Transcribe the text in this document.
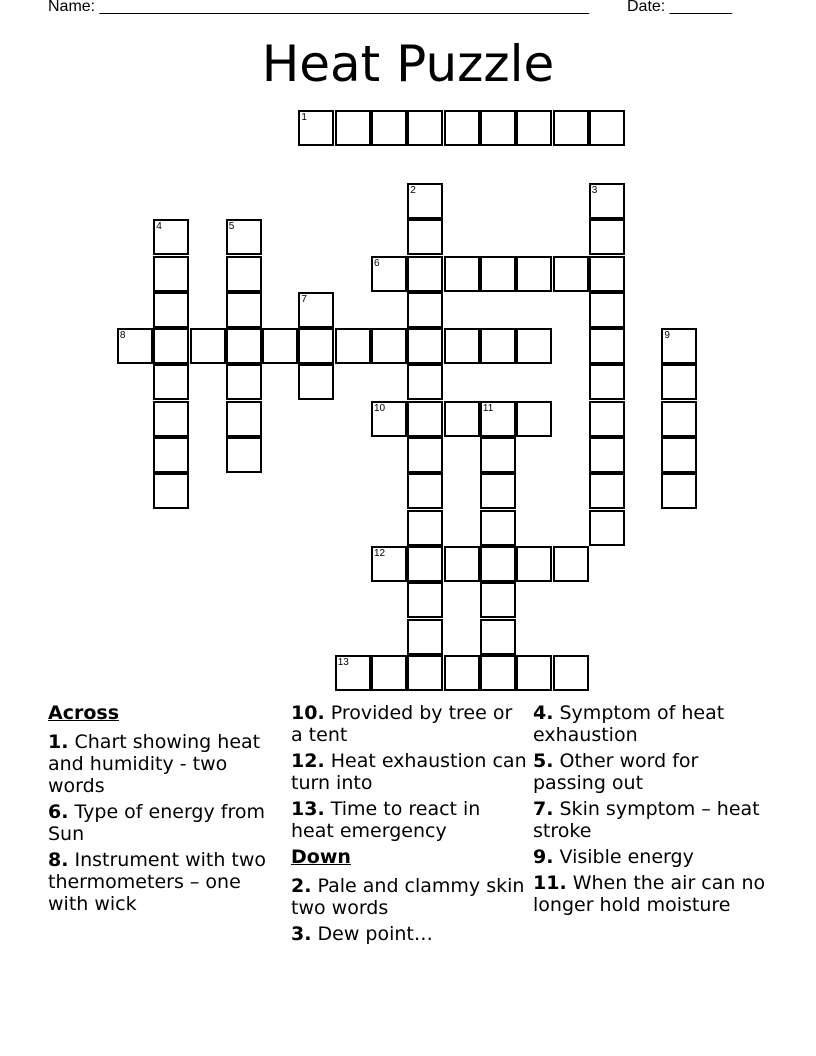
Name: _______________________________________________________ Date: _______
Heat Puzzle
1
2	3
4	5
6
7
8	9
10	11
12
13
Across
1. Chart showing heat and humidity - two words
6. Type of energy from Sun
8. Instrument with two thermometers – one with wick
10. Provided by tree or a tent
12. Heat exhaustion can turn into
13. Time to react in heat emergency
Down
2. Pale and clammy skin two words
3. Dew point…
4. Symptom of heat exhaustion
5. Other word for passing out
7. Skin symptom – heat stroke
9. Visible energy
11. When the air can no longer hold moisture
